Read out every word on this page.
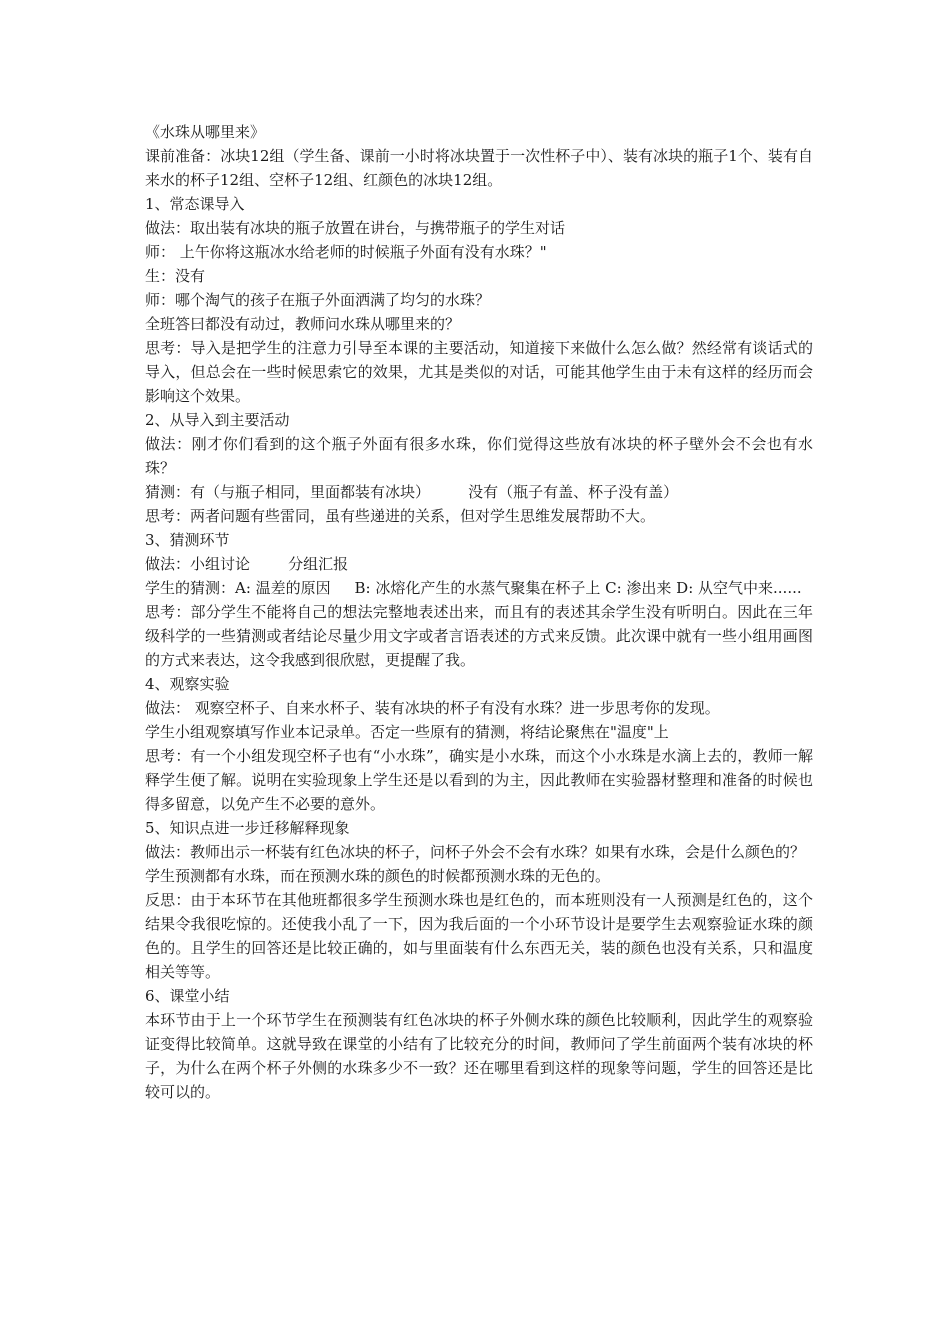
《水珠从哪里来》

课前准备：冰块12组（学生备、课前一小时将冰块置于一次性杯子中）、装有冰块的瓶子1个、装有自来水的杯子12组、空杯子12组、红颜色的冰块12组。

1、常态课导入

做法：取出装有冰块的瓶子放置在讲台，与携带瓶子的学生对话

师： 上午你将这瓶冰水给老师的时候瓶子外面有没有水珠？"

生：没有

师：哪个淘气的孩子在瓶子外面洒满了均匀的水珠？

全班答曰都没有动过，教师问水珠从哪里来的？

思考：导入是把学生的注意力引导至本课的主要活动，知道接下来做什么怎么做？然经常有谈话式的导入，但总会在一些时候思索它的效果，尤其是类似的对话，可能其他学生由于未有这样的经历而会影响这个效果。

2、从导入到主要活动

做法：刚才你们看到的这个瓶子外面有很多水珠，你们觉得这些放有冰块的杯子壁外会不会也有水珠？

猜测：有（与瓶子相同，里面都装有冰块）        没有（瓶子有盖、杯子没有盖）

思考：两者问题有些雷同，虽有些递进的关系，但对学生思维发展帮助不大。

3、猜测环节

做法：小组讨论        分组汇报

学生的猜测：A: 温差的原因     B: 冰熔化产生的水蒸气聚集在杯子上 C: 渗出来 D: 从空气中来......

思考：部分学生不能将自己的想法完整地表述出来，而且有的表述其余学生没有听明白。因此在三年级科学的一些猜测或者结论尽量少用文字或者言语表述的方式来反馈。此次课中就有一些小组用画图的方式来表达，这令我感到很欣慰，更提醒了我。

4、观察实验

做法： 观察空杯子、自来水杯子、装有冰块的杯子有没有水珠？进一步思考你的发现。

学生小组观察填写作业本记录单。否定一些原有的猜测，将结论聚焦在"温度"上

思考：有一个小组发现空杯子也有“小水珠”，确实是小水珠，而这个小水珠是水滴上去的，教师一解释学生便了解。说明在实验现象上学生还是以看到的为主，因此教师在实验器材整理和准备的时候也得多留意，以免产生不必要的意外。

5、知识点进一步迁移解释现象

做法：教师出示一杯装有红色冰块的杯子，问杯子外会不会有水珠？如果有水珠，会是什么颜色的？

学生预测都有水珠，而在预测水珠的颜色的时候都预测水珠的无色的。

反思：由于本环节在其他班都很多学生预测水珠也是红色的，而本班则没有一人预测是红色的，这个结果令我很吃惊的。还使我小乱了一下，因为我后面的一个小环节设计是要学生去观察验证水珠的颜色的。且学生的回答还是比较正确的，如与里面装有什么东西无关，装的颜色也没有关系，只和温度相关等等。

6、课堂小结

本环节由于上一个环节学生在预测装有红色冰块的杯子外侧水珠的颜色比较顺利，因此学生的观察验证变得比较简单。这就导致在课堂的小结有了比较充分的时间，教师问了学生前面两个装有冰块的杯子，为什么在两个杯子外侧的水珠多少不一致？还在哪里看到这样的现象等问题，学生的回答还是比较可以的。
